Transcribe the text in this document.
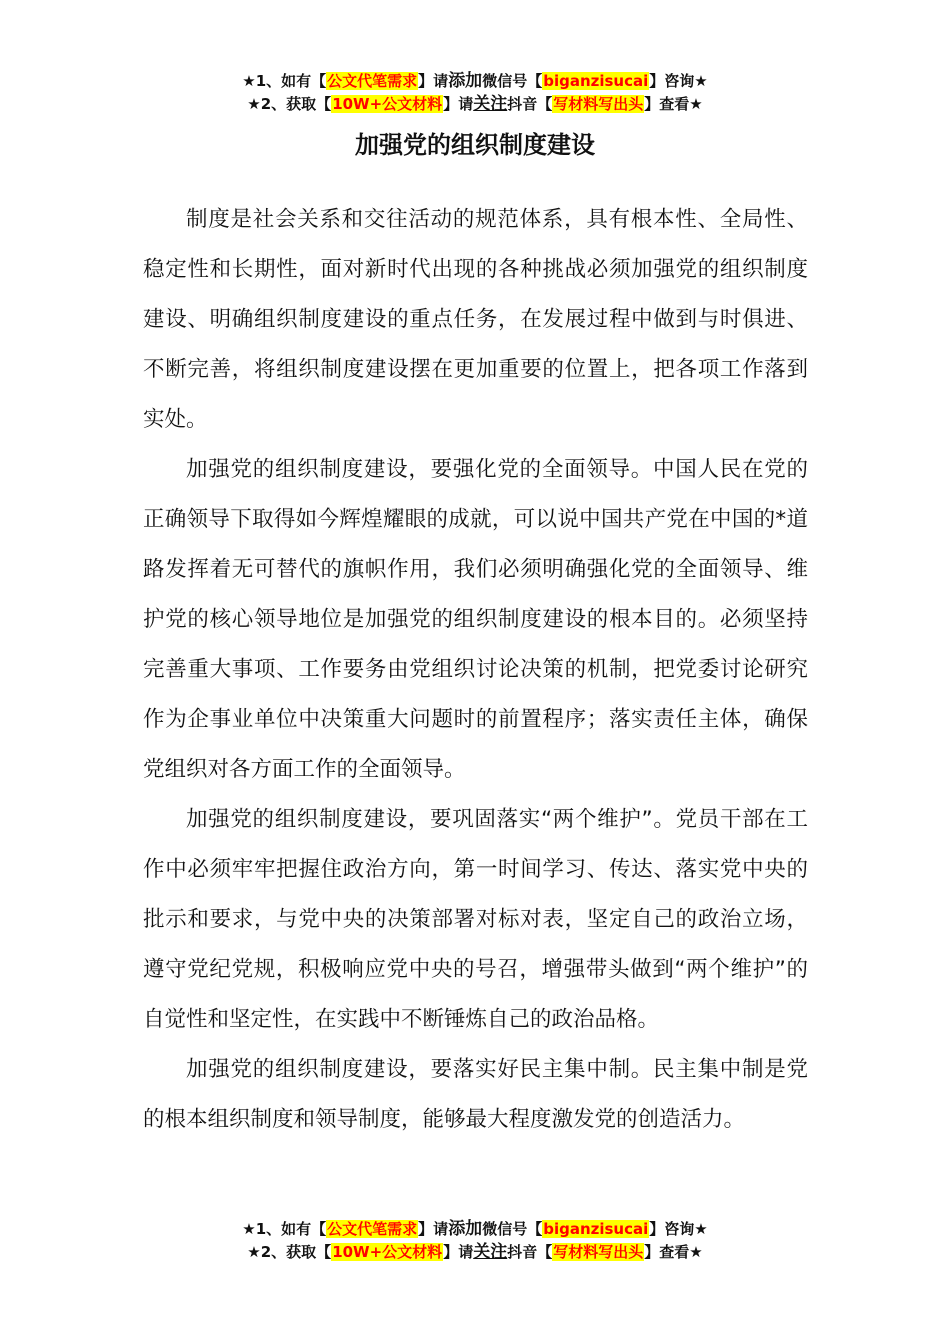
★1、如有【公文代笔需求】请添加微信号【biganzisucai】咨询★
★2、获取【10W+公文材料】请关注抖音【写材料写出头】查看★
加强党的组织制度建设

制度是社会关系和交往活动的规范体系，具有根本性、全局性、稳定性和长期性，面对新时代出现的各种挑战必须加强党的组织制度建设、明确组织制度建设的重点任务，在发展过程中做到与时俱进、不断完善，将组织制度建设摆在更加重要的位置上，把各项工作落到实处。

加强党的组织制度建设，要强化党的全面领导。中国人民在党的正确领导下取得如今辉煌耀眼的成就，可以说中国共产党在中国的*道路发挥着无可替代的旗帜作用，我们必须明确强化党的全面领导、维护党的核心领导地位是加强党的组织制度建设的根本目的。必须坚持完善重大事项、工作要务由党组织讨论决策的机制，把党委讨论研究作为企事业单位中决策重大问题时的前置程序；落实责任主体，确保党组织对各方面工作的全面领导。

加强党的组织制度建设，要巩固落实“两个维护”。党员干部在工作中必须牢牢把握住政治方向，第一时间学习、传达、落实党中央的批示和要求，与党中央的决策部署对标对表，坚定自己的政治立场，遵守党纪党规，积极响应党中央的号召，增强带头做到“两个维护”的自觉性和坚定性，在实践中不断锤炼自己的政治品格。

加强党的组织制度建设，要落实好民主集中制。民主集中制是党的根本组织制度和领导制度，能够最大程度激发党的创造活力。

★1、如有【公文代笔需求】请添加微信号【biganzisucai】咨询★
★2、获取【10W+公文材料】请关注抖音【写材料写出头】查看★
